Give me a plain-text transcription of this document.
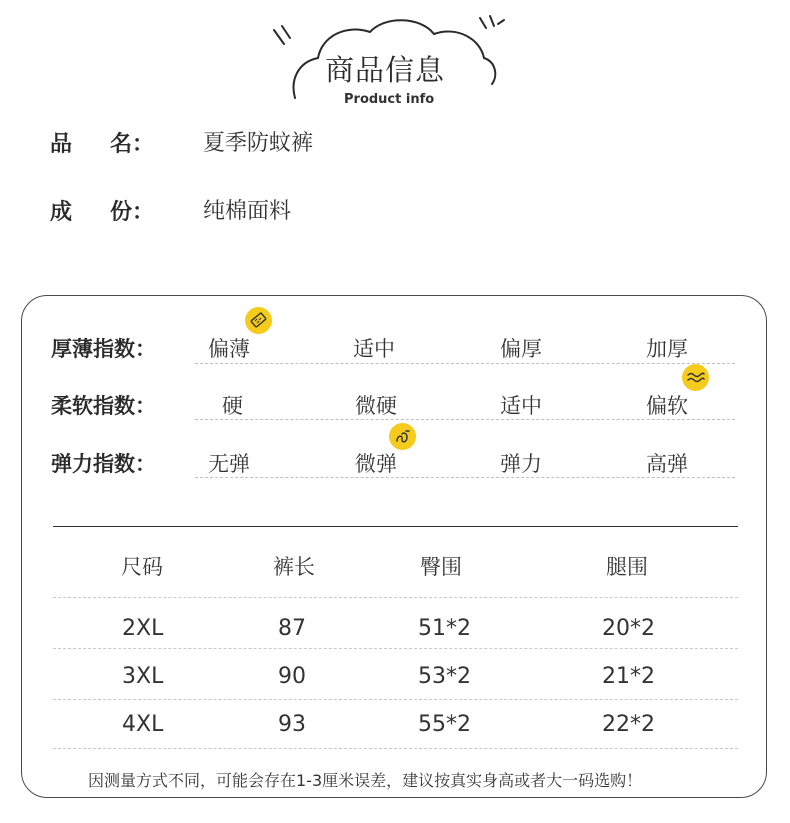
商品信息
Product info
品 名： 夏季防蚊裤
成 份： 纯棉面料
厚薄指数： 偏薄	适中	偏厚	加厚
柔软指数：	硬	微硬	适中	偏软
弹力指数： 无弹	微弹	弹力	高弹
尺码	裤长	臀围	腿围
2XL	87	51*2	20*2
3XL	90	53*2	21*2
4XL	93	55*2	22*2
因测量方式不同，可能会存在1-3厘米误差，建议按真实身高或者大一码选购！
